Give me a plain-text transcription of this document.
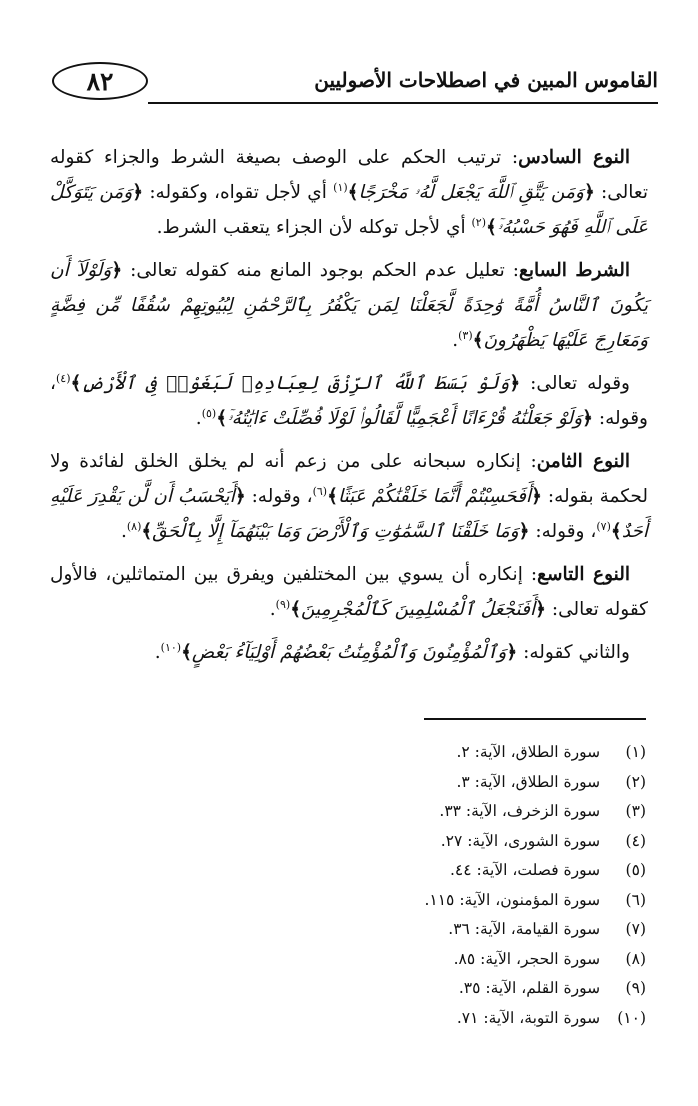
٨٢	القاموس المبين في اصطلاحات الأصوليين

النوع السادس: ترتيب الحكم على الوصف بصيغة الشرط والجزاء كقوله تعالى: ﴿وَمَن يَتَّقِ ٱللَّهَ يَجْعَل لَّهُۥ مَخْرَجًا﴾$^{(١)}$ أي لأجل تقواه، وكقوله: ﴿وَمَن يَتَوَكَّلْ عَلَى ٱللَّهِ فَهُوَ حَسْبُهُۥٓ﴾$^{(٢)}$ أي لأجل توكله لأن الجزاء يتعقب الشرط.

الشرط السابع: تعليل عدم الحكم بوجود المانع منه كقوله تعالى: ﴿وَلَوْلَآ أَن يَكُونَ ٱلنَّاسُ أُمَّةً وَٰحِدَةً لَّجَعَلْنَا لِمَن يَكْفُرُ بِٱلرَّحْمَٰنِ لِبُيُوتِهِمْ سُقُفًا مِّن فِضَّةٍ وَمَعَارِجَ عَلَيْهَا يَظْهَرُونَ﴾$^{(٣)}$.

وقوله تعالى: ﴿وَلَوْ بَسَطَ ٱللَّهُ ٱلرِّزْقَ لِعِبَادِهِۦ لَبَغَوْا۟ فِى ٱلْأَرْضِ﴾$^{(٤)}$، وقوله: ﴿وَلَوْ جَعَلْنَٰهُ قُرْءَانًا أَعْجَمِيًّا لَّقَالُوا۟ لَوْلَا فُصِّلَتْ ءَايَٰتُهُۥٓ﴾$^{(٥)}$.

النوع الثامن: إنكاره سبحانه على من زعم أنه لم يخلق الخلق لفائدة ولا لحكمة بقوله: ﴿أَفَحَسِبْتُمْ أَنَّمَا خَلَقْنَٰكُمْ عَبَثًا﴾$^{(٦)}$، وقوله: ﴿أَيَحْسَبُ أَن لَّن يَقْدِرَ عَلَيْهِ أَحَدٌ﴾$^{(٧)}$، وقوله: ﴿وَمَا خَلَقْنَا ٱلسَّمَٰوَٰتِ وَٱلْأَرْضَ وَمَا بَيْنَهُمَآ إِلَّا بِٱلْحَقِّ﴾$^{(٨)}$.

النوع التاسع: إنكاره أن يسوي بين المختلفين ويفرق بين المتماثلين، فالأول كقوله تعالى: ﴿أَفَنَجْعَلُ ٱلْمُسْلِمِينَ كَٱلْمُجْرِمِينَ﴾$^{(٩)}$.

والثاني كقوله: ﴿وَٱلْمُؤْمِنُونَ وَٱلْمُؤْمِنَٰتُ بَعْضُهُمْ أَوْلِيَآءُ بَعْضٍ﴾$^{(١٠)}$.

(١)

سورة الطلاق، الآية: ٢.
(٢)

سورة الطلاق، الآية: ٣.
(٣)

سورة الزخرف، الآية: ٣٣.
(٤)

سورة الشورى، الآية: ٢٧.
(٥)

سورة فصلت، الآية: ٤٤.
(٦)

سورة المؤمنون، الآية: ١١٥.
(٧)

سورة القيامة، الآية: ٣٦.
(٨)

سورة الحجر، الآية: ٨٥.
(٩)

سورة القلم، الآية: ٣٥.
(١٠)

سورة التوبة، الآية: ٧١.
